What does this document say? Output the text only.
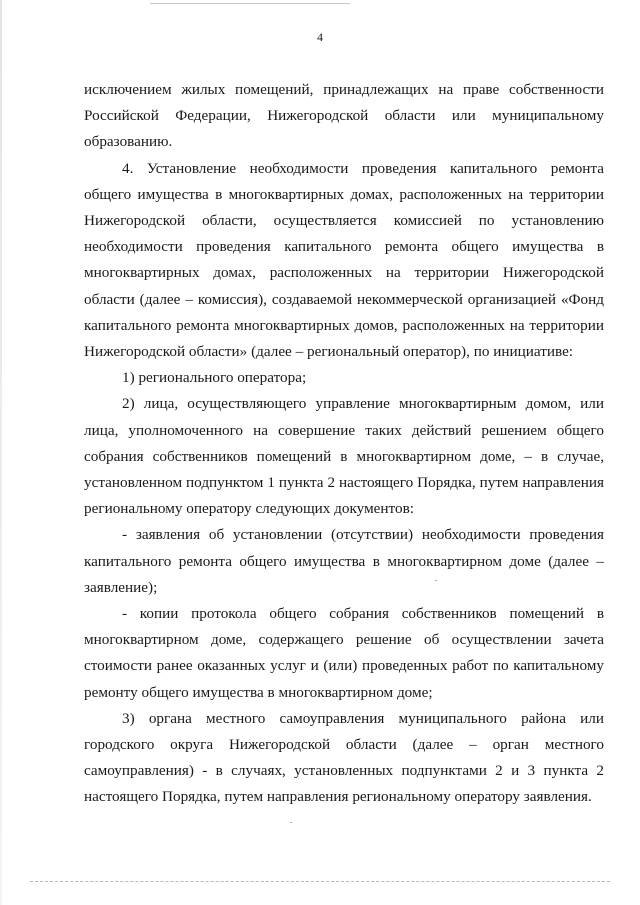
4

исключением жилых помещений, принадлежащих на праве собственности Российской Федерации, Нижегородской области или муниципальному образованию.

4. Установление необходимости проведения капитального ремонта общего имущества в многоквартирных домах, расположенных на территории Нижегородской области, осуществляется комиссией по установлению необходимости проведения капитального ремонта общего имущества в многоквартирных домах, расположенных на территории Нижегородской области (далее – комиссия), создаваемой некоммерческой организацией «Фонд капитального ремонта многоквартирных домов, расположенных на территории Нижегородской области» (далее – региональный оператор), по инициативе:

1) регионального оператора;

2) лица, осуществляющего управление многоквартирным домом, или лица, уполномоченного на совершение таких действий решением общего собрания собственников помещений в многоквартирном доме, – в случае, установленном подпунктом 1 пункта 2 настоящего Порядка, путем направления региональному оператору следующих документов:

- заявления об установлении (отсутствии) необходимости проведения капитального ремонта общего имущества в многоквартирном доме (далее – заявление);

- копии протокола общего собрания собственников помещений в многоквартирном доме, содержащего решение об осуществлении зачета стоимости ранее оказанных услуг и (или) проведенных работ по капитальному ремонту общего имущества в многоквартирном доме;

3) органа местного самоуправления муниципального района или городского округа Нижегородской области (далее – орган местного самоуправления) - в случаях, установленных подпунктами 2 и 3 пункта 2 настоящего Порядка, путем направления региональному оператору заявления.
